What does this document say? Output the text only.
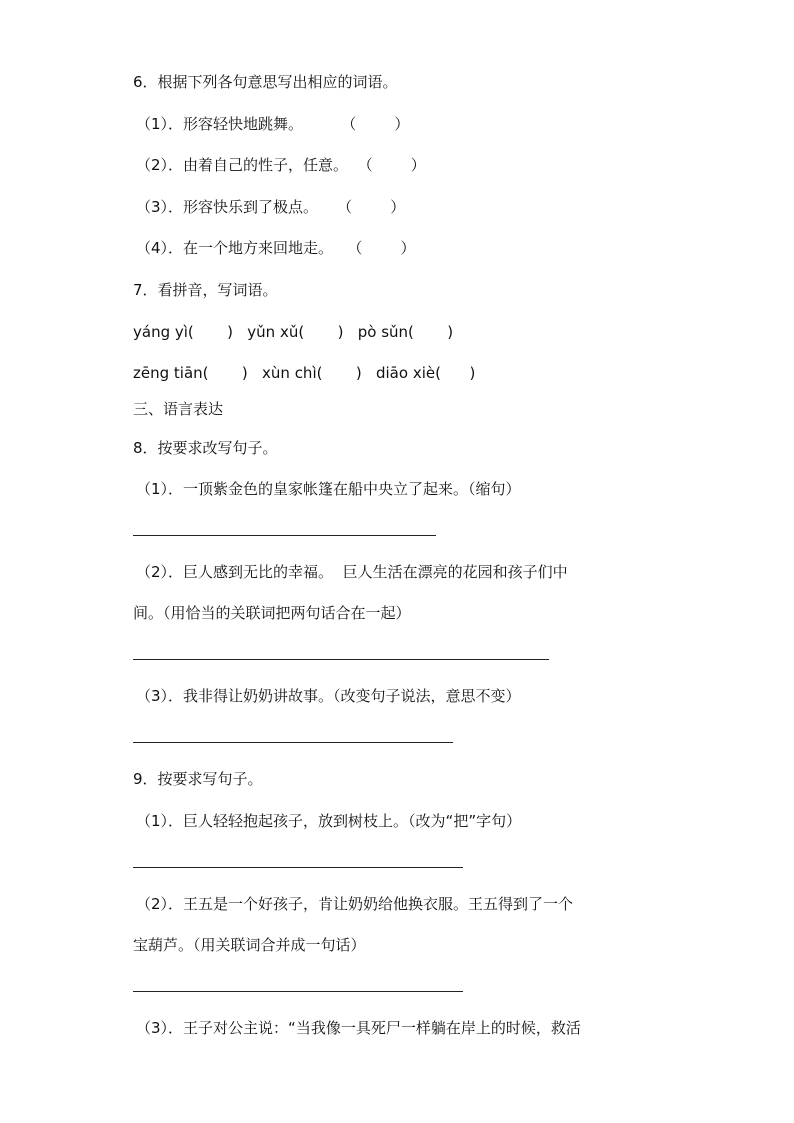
6．根据下列各句意思写出相应的词语。
（1）．形容轻快地跳舞。        （        ）
（2）．由着自己的性子，任意。  （        ）
（3）．形容快乐到了极点。    （        ）
（4）．在一个地方来回地走。   （        ）
7．看拼音，写词语。
yáng yì(       )   yǔn xǔ(       )   pò sǔn(       )
zēng tiān(       )   xùn chì(       )   diāo xiè(      )
三、语言表达
8．按要求改写句子。
（1）．一顶紫金色的皇家帐篷在船中央立了起来。（缩句）
（2）．巨人感到无比的幸福。  巨人生活在漂亮的花园和孩子们中
间。（用恰当的关联词把两句话合在一起）
（3）．我非得让奶奶讲故事。（改变句子说法，意思不变）
9．按要求写句子。
（1）．巨人轻轻抱起孩子，放到树枝上。（改为“把”字句）
（2）．王五是一个好孩子，肯让奶奶给他换衣服。王五得到了一个
宝葫芦。（用关联词合并成一句话）
（3）．王子对公主说：“当我像一具死尸一样躺在岸上的时候，救活
